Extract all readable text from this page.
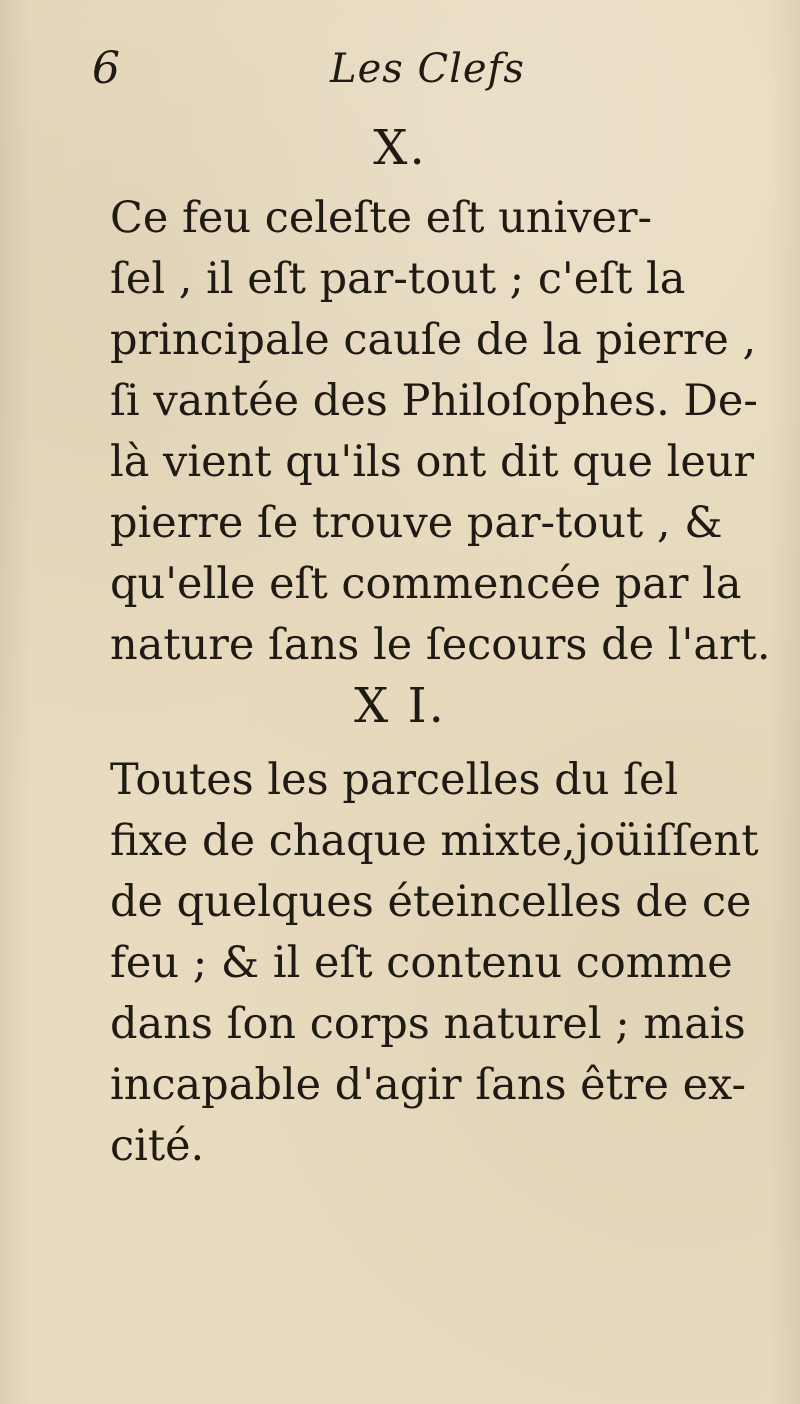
6	Les Clefs
X.
Ce feu celeſte eſt univer-
ſel , il eſt par-tout ; c'eſt la
principale cauſe de la pierre ,
ſi vantée des Philoſophes. De-
là vient qu'ils ont dit que leur
pierre ſe trouve par-tout , &
qu'elle eſt commencée par la
nature ſans le ſecours de l'art.
X I.
Toutes les parcelles du ſel
fixe de chaque mixte,joüiſſent
de quelques éteincelles de ce
feu ; & il eſt contenu comme
dans ſon corps naturel ; mais
incapable d'agir ſans être ex-
cité.
